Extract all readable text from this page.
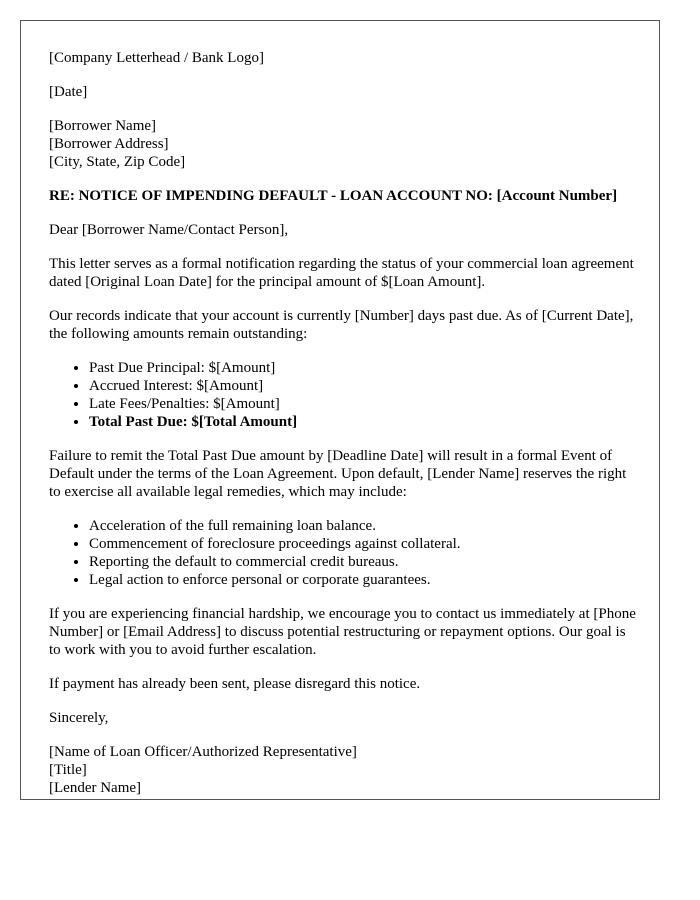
[Company Letterhead / Bank Logo]

[Date]

[Borrower Name]
[Borrower Address]
[City, State, Zip Code]

RE: NOTICE OF IMPENDING DEFAULT - LOAN ACCOUNT NO: [Account Number]

Dear [Borrower Name/Contact Person],

This letter serves as a formal notification regarding the status of your commercial loan agreement dated [Original Loan Date] for the principal amount of $[Loan Amount].

Our records indicate that your account is currently [Number] days past due. As of [Current Date], the following amounts remain outstanding:

• Past Due Principal: $[Amount]
• Accrued Interest: $[Amount]
• Late Fees/Penalties: $[Amount]
• Total Past Due: $[Total Amount]

Failure to remit the Total Past Due amount by [Deadline Date] will result in a formal Event of Default under the terms of the Loan Agreement. Upon default, [Lender Name] reserves the right to exercise all available legal remedies, which may include:

• Acceleration of the full remaining loan balance.
• Commencement of foreclosure proceedings against collateral.
• Reporting the default to commercial credit bureaus.
• Legal action to enforce personal or corporate guarantees.

If you are experiencing financial hardship, we encourage you to contact us immediately at [Phone Number] or [Email Address] to discuss potential restructuring or repayment options. Our goal is to work with you to avoid further escalation.

If payment has already been sent, please disregard this notice.

Sincerely,

[Name of Loan Officer/Authorized Representative]
[Title]
[Lender Name]
